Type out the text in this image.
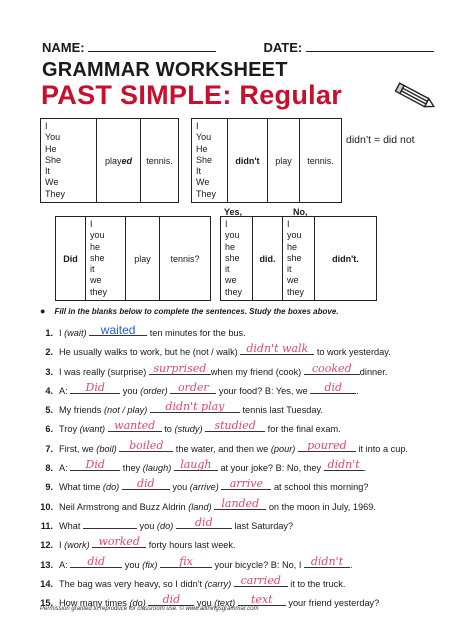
NAME:	DATE:
GRAMMAR WORKSHEET
PAST SIMPLE: Regular
I
You
He
She
It
We
They	played	tennis.
I
You
He
She
It
We
They	didn't	play	tennis.
didn’t = did not
Did	I
you
he
she
it
we
they	play	tennis?
Yes,	No,
I
you
he
she
it
we
they	did.	I
you
he
she
it
we
they	didn't.
● Fill in the blanks below to complete the sentences. Study the boxes above.
1. I (wait)	waited	ten minutes for the bus.
2. He usually walks to work, but he (not / walk) didn't walk to work yesterday.
3. I was really (surprise) surprised when my friend (cook) cooked dinner.
4. A:	Did	you (order) order your food? B: Yes, we	did	.
5. My friends (not / play)	didn't play	tennis last Tuesday.
6. Troy (want) wanted to (study)	studied	for the final exam.
7. First, we (boil)	boiled	the water, and then we (pour)	poured	it into a cup.
8. A:	Did	they (laugh) laugh at your joke? B: No, they didn't .
9. What time (do)	did	you (arrive) arrive at school this morning?
10. Neil Armstrong and Buzz Aldrin (land) landed on the moon in July, 1969.
11. What	you (do)	did	last Saturday?
12. I (work) worked forty hours last week.
13. A:	did	you (fix)	fix	your bicycle? B: No, I didn't .
14. The bag was very heavy, so I didn't (carry) carried it to the truck.
15. How many times (do)	did	you (text)	text	your friend yesterday?
Permission granted to reproduce for classroom use. © www.allthingsgrammar.com
